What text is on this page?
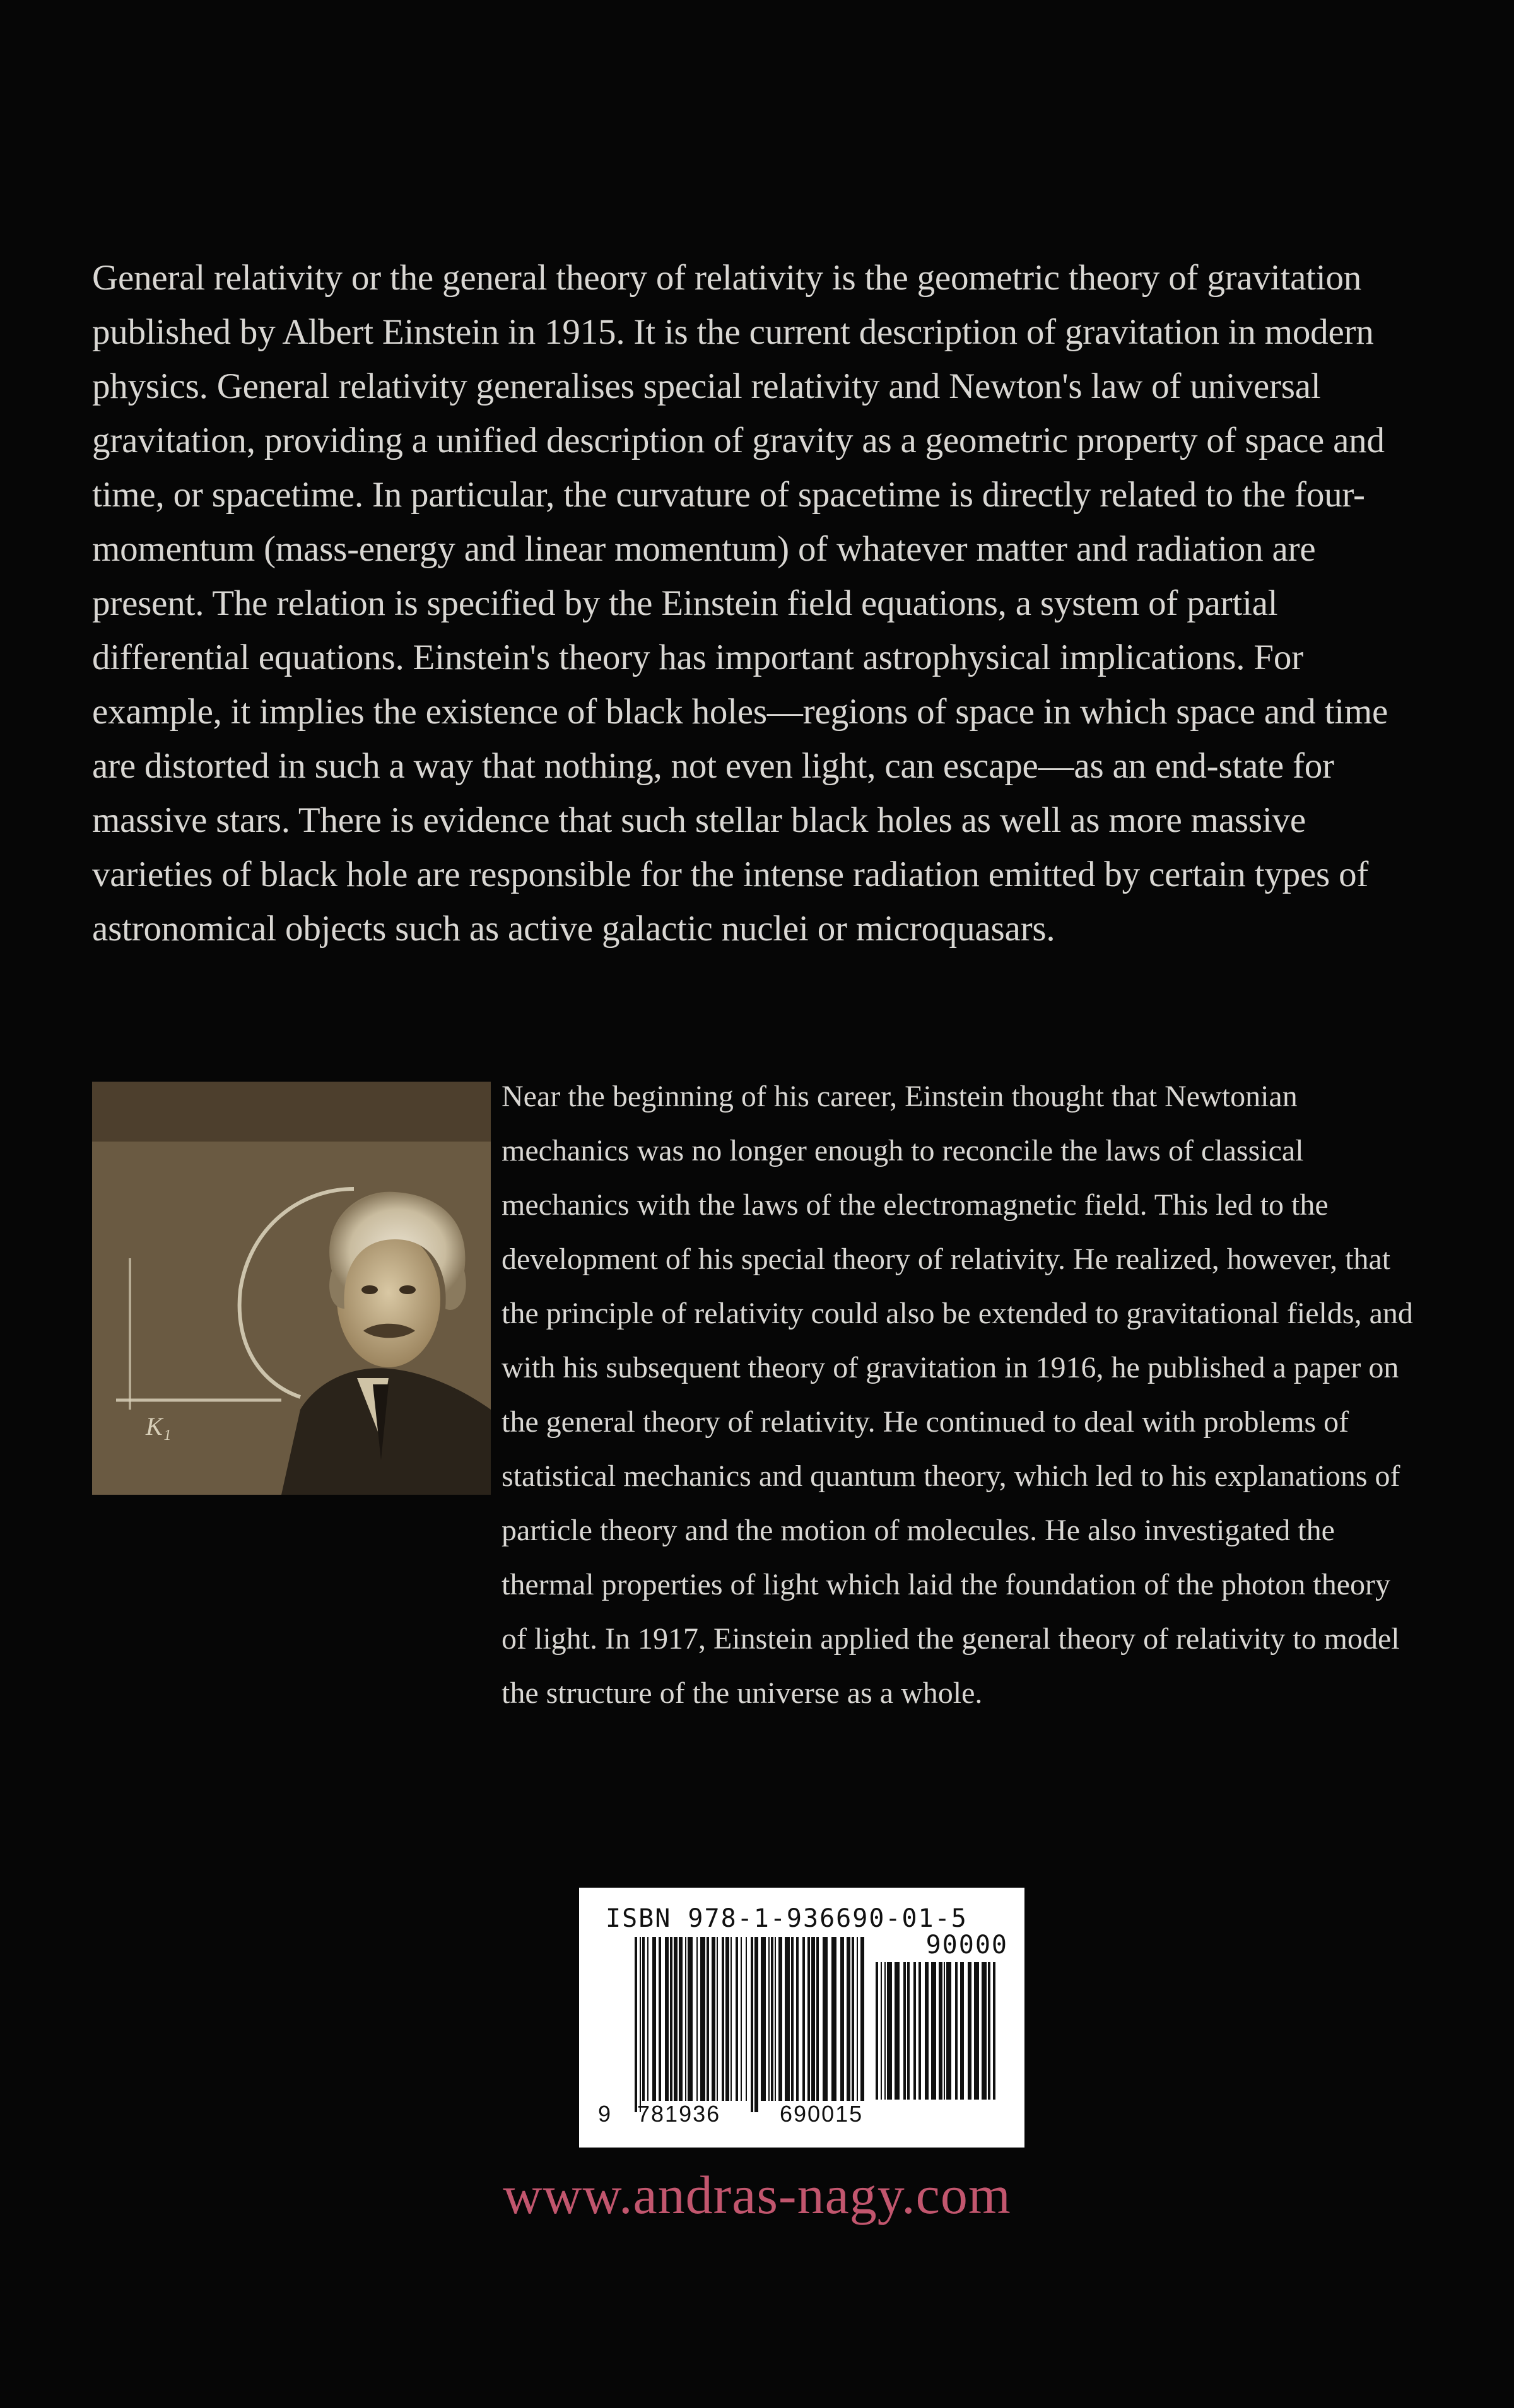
General relativity or the general theory of relativity is the geometric theory of gravitation published by Albert Einstein in 1915. It is the current description of gravitation in modern physics. General relativity generalises special relativity and Newton's law of universal gravitation, providing a unified description of gravity as a geometric property of space and time, or spacetime. In particular, the curvature of spacetime is directly related to the four-momentum (mass-energy and linear momentum) of whatever matter and radiation are present. The relation is specified by the Einstein field equations, a system of partial differential equations. Einstein's theory has important astrophysical implications. For example, it implies the existence of black holes—regions of space in which space and time are distorted in such a way that nothing, not even light, can escape—as an end-state for massive stars. There is evidence that such stellar black holes as well as more massive varieties of black hole are responsible for the intense radiation emitted by certain types of astronomical objects such as active galactic nuclei or microquasars.

K₁

Near the beginning of his career, Einstein thought that Newtonian mechanics was no longer enough to reconcile the laws of classical mechanics with the laws of the electromagnetic field. This led to the development of his special theory of relativity. He realized, however, that the principle of relativity could also be extended to gravitational fields, and with his subsequent theory of gravitation in 1916, he published a paper on the general theory of relativity. He continued to deal with problems of statistical mechanics and quantum theory, which led to his explanations of particle theory and the motion of molecules. He also investigated the thermal properties of light which laid the foundation of the photon theory of light. In 1917, Einstein applied the general theory of relativity to model the structure of the universe as a whole.

ISBN 978-1-936690-01-5
90000
9 781936	690015
www.andras-nagy.com
